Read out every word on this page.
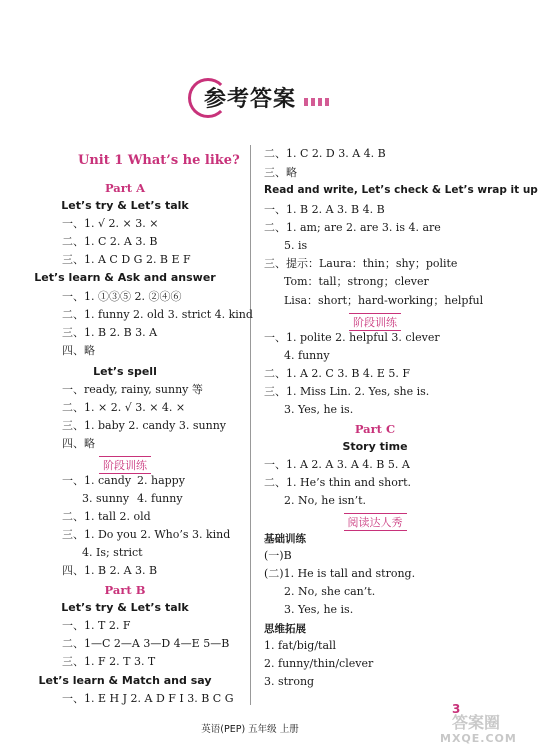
参考答案
Unit 1 What’s he like?
Part A
Let’s try & Let’s talk
一、1. √ 2. × 3. ×
二、1. C 2. A 3. B
三、1. A C D G 2. B E F
Let’s learn & Ask and answer
一、1. ①③⑤ 2. ②④⑥
二、1. funny 2. old 3. strict 4. kind
三、1. B 2. B 3. A
四、略
Let’s spell
一、ready, rainy, sunny 等
二、1. × 2. √ 3. × 4. ×
三、1. baby 2. candy 3. sunny
四、略
阶段训练
一、1. candy 2. happy
3. sunny 4. funny
二、1. tall 2. old
三、1. Do you 2. Who’s 3. kind
4. Is; strict
四、1. B 2. A 3. B
Part B
Let’s try & Let’s talk
一、1. T 2. F
二、1—C 2—A 3—D 4—E 5—B
三、1. F 2. T 3. T
Let’s learn & Match and say
一、1. E H J 2. A D F I 3. B C G
二、1. C 2. D 3. A 4. B
三、略
Read and write, Let’s check & Let’s wrap it up
一、1. B 2. A 3. B 4. B
二、1. am; are 2. are 3. is 4. are
5. is
三、提示：Laura：thin；shy；polite
Tom：tall；strong；clever
Lisa：short；hard-working；helpful
阶段训练
一、1. polite 2. helpful 3. clever
4. funny
二、1. A 2. C 3. B 4. E 5. F
三、1. Miss Lin. 2. Yes, she is.
3. Yes, he is.
Part C
Story time
一、1. A 2. A 3. A 4. B 5. A
二、1. He’s thin and short.
2. No, he isn’t.
阅读达人秀
基础训练
(一)B
(二)1. He is tall and strong.
2. No, she can’t.
3. Yes, he is.
思维拓展
1. fat/big/tall
2. funny/thin/clever
3. strong
3
英语(PEP) 五年级 上册	答案圈
MXQE.COM
